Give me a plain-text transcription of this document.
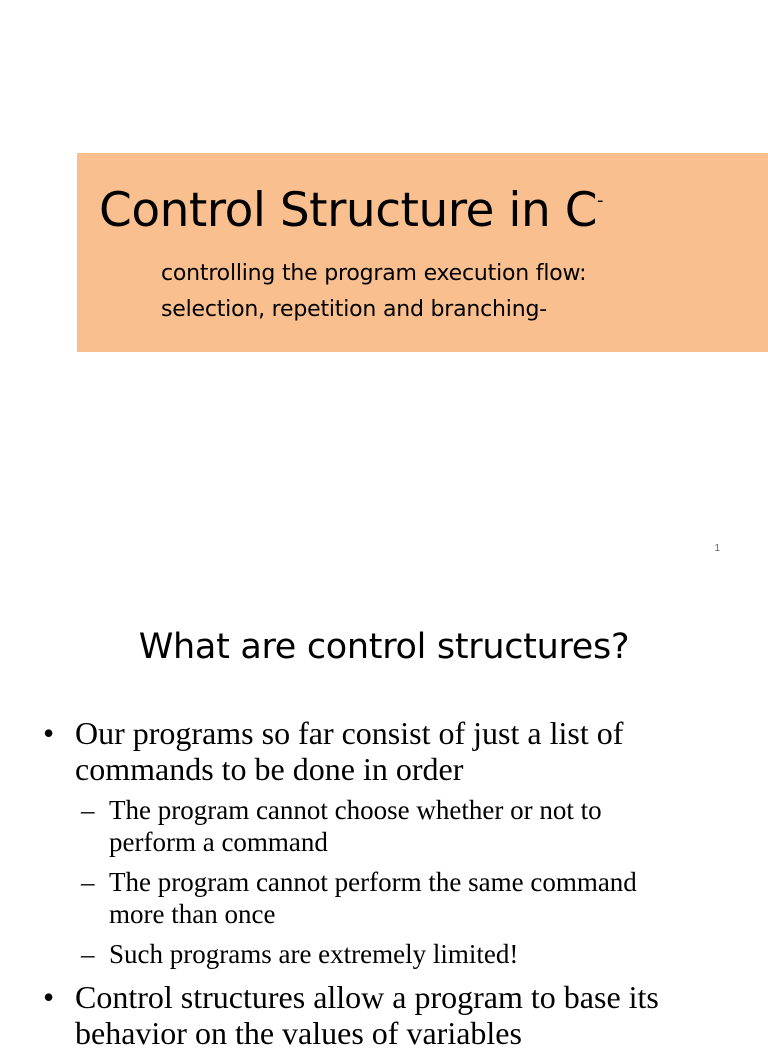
Control Structure in C-
controlling the program execution flow:
selection, repetition and branching-
1
What are control structures?
• Our programs so far consist of just a list of
commands to be done in order
– The program cannot choose whether or not to
perform a command
– The program cannot perform the same command
more than once
– Such programs are extremely limited!
• Control structures allow a program to base its
behavior on the values of variables
